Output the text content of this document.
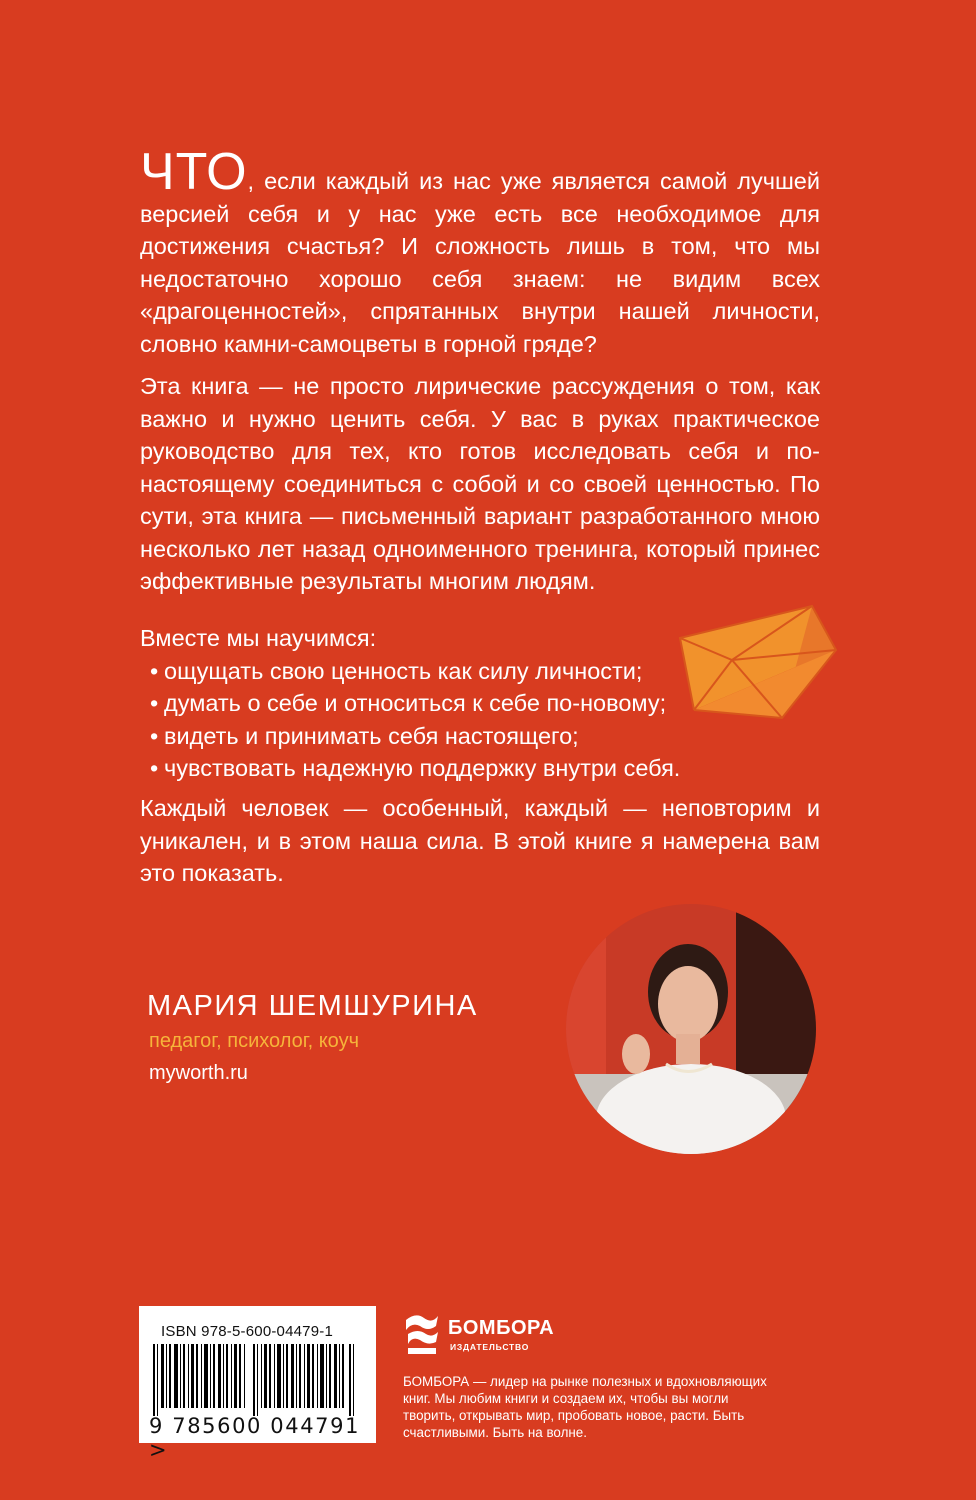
ЧТО, если каждый из нас уже является самой лучшей версией себя и у нас уже есть все необходимое для достижения счастья? И сложность лишь в том, что мы недостаточно хорошо себя знаем: не видим всех «драгоценностей», спрятанных внутри нашей личности, словно камни-самоцветы в горной гряде?
Эта книга — не просто лирические рассуждения о том, как важно и нужно ценить себя. У вас в руках практическое руководство для тех, кто готов исследовать себя и по-настоящему соединиться с собой и со своей ценностью. По сути, эта книга — письменный вариант разработанного мною несколько лет назад одноименного тренинга, который принес эффективные результаты многим людям.
Вместе мы научимся:
• ощущать свою ценность как силу личности;
• думать о себе и относиться к себе по-новому;
• видеть и принимать себя настоящего;
• чувствовать надежную поддержку внутри себя.
Каждый человек — особенный, каждый — неповторим и уникален, и в этом наша сила. В этой книге я намерена вам это показать.
МАРИЯ ШЕМШУРИНА
педагог, психолог, коуч
myworth.ru
ISBN 978-5-600-04479-1
9 785600 044791 >
БОМБОРА
ИЗДАТЕЛЬСТВО
БОМБОРА — лидер на рынке полезных и вдохновляющих книг. Мы любим книги и создаем их, чтобы вы могли творить, открывать мир, пробовать новое, расти. Быть счастливыми. Быть на волне.
